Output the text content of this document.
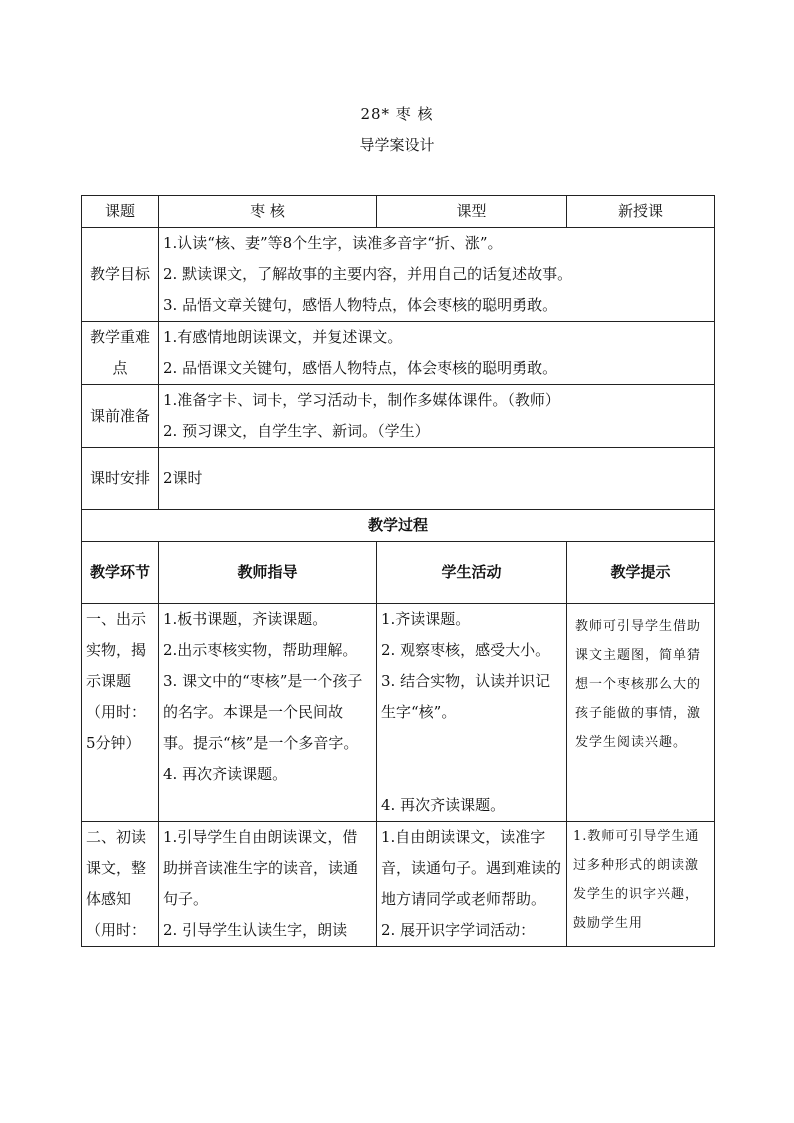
28* 枣 核
导学案设计
课题	枣 核	课型	新授课
教学目标	1.认读“核、妻”等8个生字，读准多音字“折、涨”。
2. 默读课文，了解故事的主要内容，并用自己的话复述故事。
3. 品悟文章关键句，感悟人物特点，体会枣核的聪明勇敢。		

教学重难点	1.有感情地朗读课文，并复述课文。
2. 品悟课文关键句，感悟人物特点，体会枣核的聪明勇敢。		

课前准备	1.准备字卡、词卡，学习活动卡，制作多媒体课件。（教师）
2. 预习课文，自学生字、新词。（学生）		

课时安排	2课时		
教学过程			
教学环节	教师指导	学生活动	教学提示
一、出示实物，揭示课题（用时：5分钟）	1.板书课题，齐读课题。
2.出示枣核实物，帮助理解。
3. 课文中的“枣核”是一个孩子的名字。本课是一个民间故事。提示“核”是一个多音字。
4. 再次齐读课题。	1.齐读课题。
2. 观察枣核，感受大小。
3. 结合实物，认读并识记生字“核”。
4. 再次齐读课题。	教师可引导学生借助课文主题图，简单猜想一个枣核那么大的孩子能做的事情，激发学生阅读兴趣。
二、初读课文，整体感知（用时：	1.引导学生自由朗读课文，借助拼音读准生字的读音，读通句子。
2. 引导学生认读生字，朗读	1.自由朗读课文，读准字音，读通句子。遇到难读的地方请同学或老师帮助。
2. 展开识字学词活动：	1.教师可引导学生通过多种形式的朗读激发学生的识字兴趣，鼓励学生用
